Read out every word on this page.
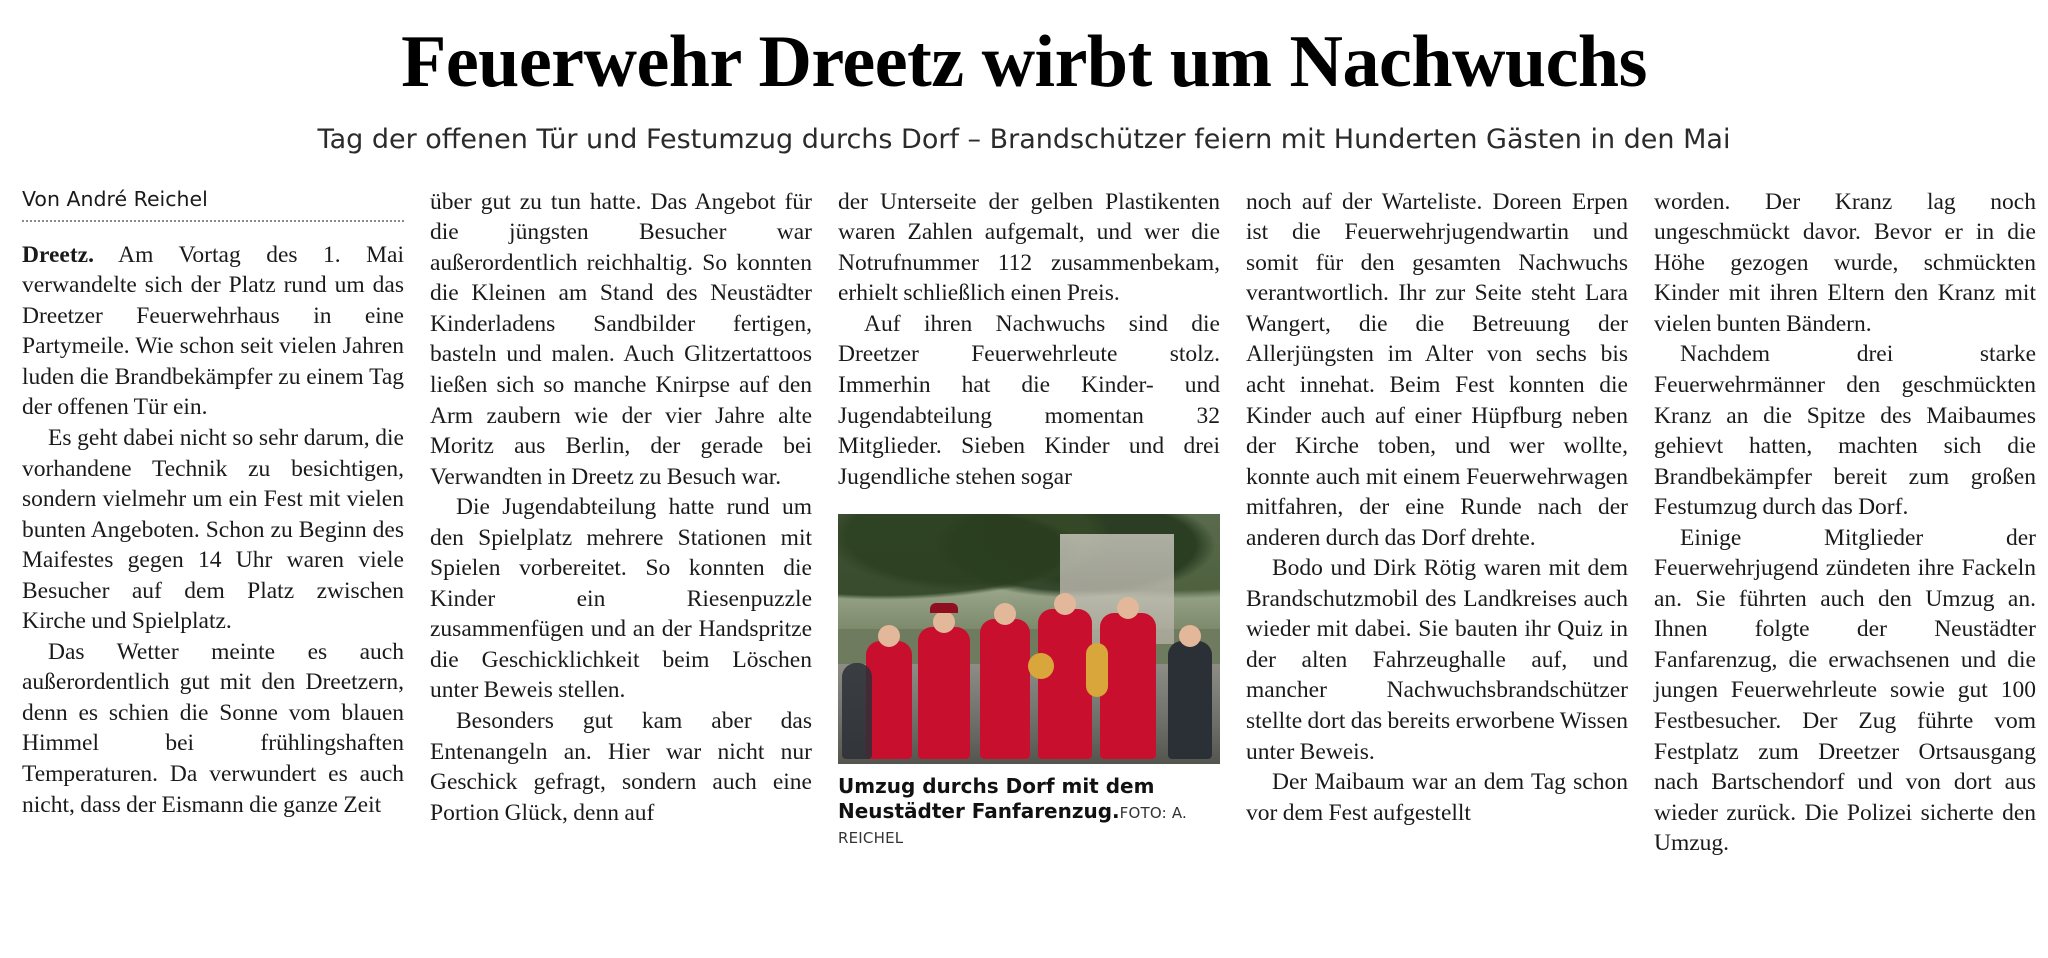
Feuerwehr Dreetz wirbt um Nachwuchs
Tag der offenen Tür und Festumzug durchs Dorf – Brandschützer feiern mit Hunderten Gästen in den Mai
Von André Reichel

Dreetz. Am Vortag des 1. Mai verwandelte sich der Platz rund um das Dreetzer Feuerwehrhaus in eine Partymeile. Wie schon seit vielen Jahren luden die Brandbekämpfer zu einem Tag der offenen Tür ein.

Es geht dabei nicht so sehr darum, die vorhandene Technik zu besichtigen, sondern vielmehr um ein Fest mit vielen bunten Angeboten. Schon zu Beginn des Maifestes gegen 14 Uhr waren viele Besucher auf dem Platz zwischen Kirche und Spielplatz.

Das Wetter meinte es auch außerordentlich gut mit den Dreetzern, denn es schien die Sonne vom blauen Himmel bei frühlingshaften Temperaturen. Da verwundert es auch nicht, dass der Eismann die ganze Zeit

über gut zu tun hatte. Das Angebot für die jüngsten Besucher war außerordentlich reichhaltig. So konnten die Kleinen am Stand des Neustädter Kinderladens Sandbilder fertigen, basteln und malen. Auch Glitzertattoos ließen sich so manche Knirpse auf den Arm zaubern wie der vier Jahre alte Moritz aus Berlin, der gerade bei Verwandten in Dreetz zu Besuch war.

Die Jugendabteilung hatte rund um den Spielplatz mehrere Stationen mit Spielen vorbereitet. So konnten die Kinder ein Riesenpuzzle zusammenfügen und an der Handspritze die Geschicklichkeit beim Löschen unter Beweis stellen.

Besonders gut kam aber das Entenangeln an. Hier war nicht nur Geschick gefragt, sondern auch eine Portion Glück, denn auf

der Unterseite der gelben Plastikenten waren Zahlen aufgemalt, und wer die Notrufnummer 112 zusammenbekam, erhielt schließlich einen Preis.

Auf ihren Nachwuchs sind die Dreetzer Feuerwehrleute stolz. Immerhin hat die Kinder- und Jugendabteilung momentan 32 Mitglieder. Sieben Kinder und drei Jugendliche stehen sogar

Umzug durchs Dorf mit dem Neustädter Fanfarenzug.FOTO: A. REICHEL

noch auf der Warteliste. Doreen Erpen ist die Feuerwehrjugendwartin und somit für den gesamten Nachwuchs verantwortlich. Ihr zur Seite steht Lara Wangert, die die Betreuung der Allerjüngsten im Alter von sechs bis acht innehat. Beim Fest konnten die Kinder auch auf einer Hüpfburg neben der Kirche toben, und wer wollte, konnte auch mit einem Feuerwehrwagen mitfahren, der eine Runde nach der anderen durch das Dorf drehte.

Bodo und Dirk Rötig waren mit dem Brandschutzmobil des Landkreises auch wieder mit dabei. Sie bauten ihr Quiz in der alten Fahrzeughalle auf, und mancher Nachwuchsbrandschützer stellte dort das bereits erworbene Wissen unter Beweis.

Der Maibaum war an dem Tag schon vor dem Fest aufgestellt

worden. Der Kranz lag noch ungeschmückt davor. Bevor er in die Höhe gezogen wurde, schmückten Kinder mit ihren Eltern den Kranz mit vielen bunten Bändern.

Nachdem drei starke Feuerwehrmänner den geschmückten Kranz an die Spitze des Maibaumes gehievt hatten, machten sich die Brandbekämpfer bereit zum großen Festumzug durch das Dorf.

Einige Mitglieder der Feuerwehrjugend zündeten ihre Fackeln an. Sie führten auch den Umzug an. Ihnen folgte der Neustädter Fanfarenzug, die erwachsenen und die jungen Feuerwehrleute sowie gut 100 Festbesucher. Der Zug führte vom Festplatz zum Dreetzer Ortsausgang nach Bartschendorf und von dort aus wieder zurück. Die Polizei sicherte den Umzug.
